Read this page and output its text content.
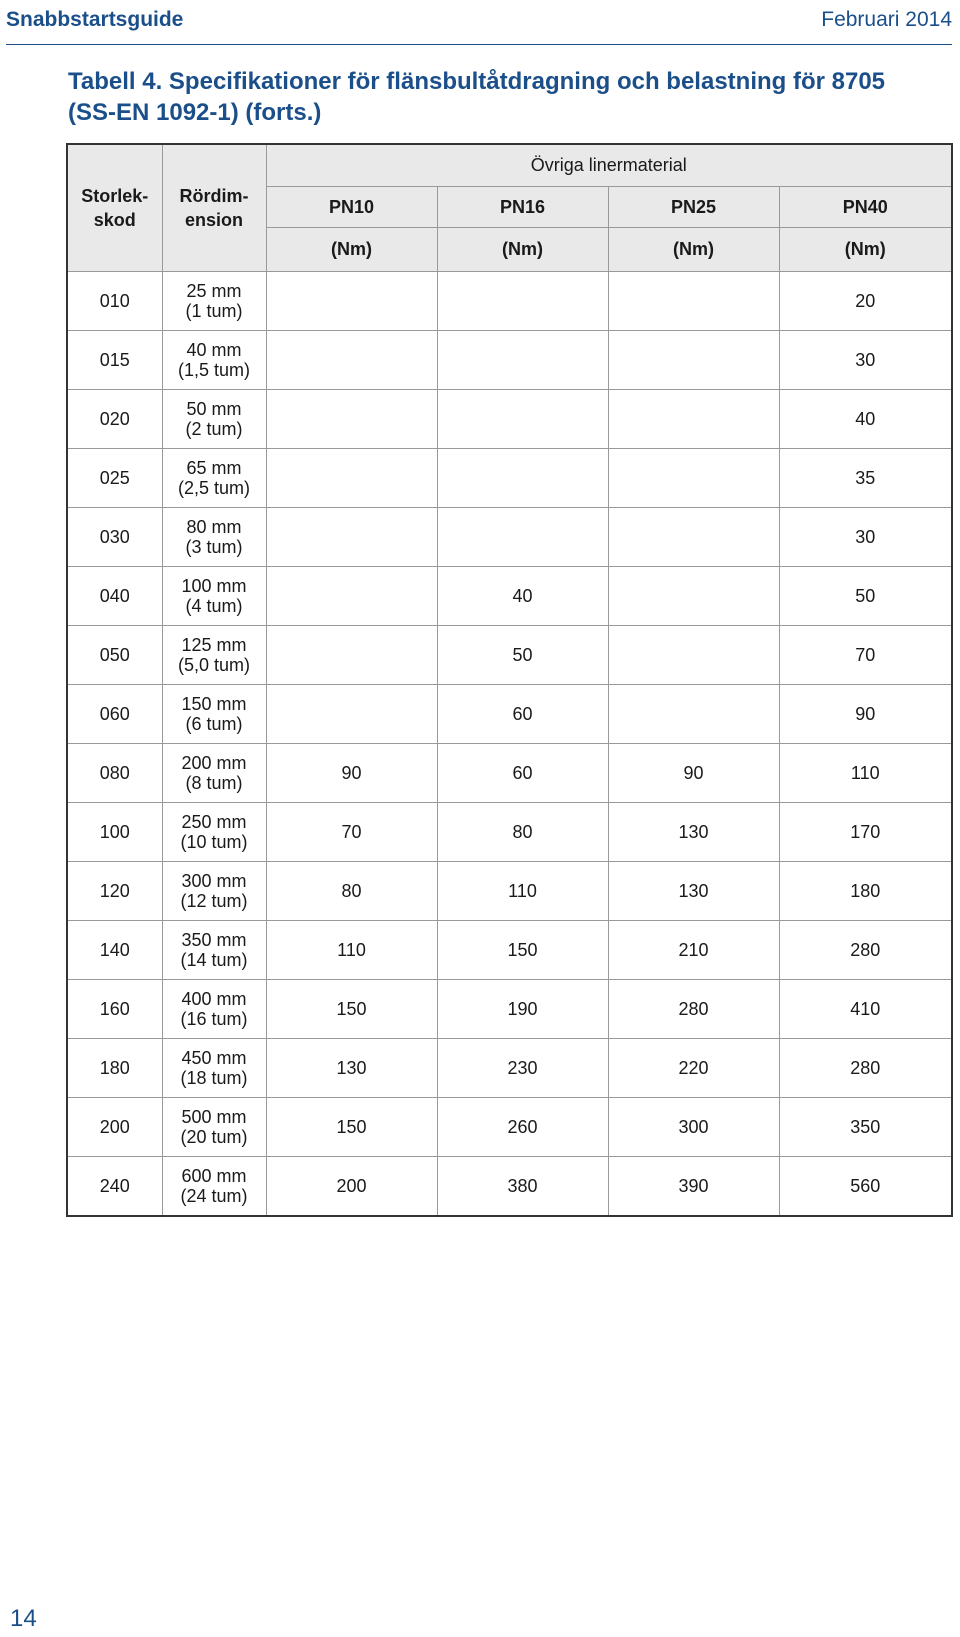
Snabbstartsguide	Februari 2014
Tabell 4. Specifikationer för flänsbultåtdragning och belastning för 8705 (SS-EN 1092-1) (forts.)
Storlek-
skod	Rördim-
ension	Övriga linermaterial			
		PN10	PN16	PN25	PN40
		(Nm)	(Nm)	(Nm)	(Nm)
010	25 mm
(1 tum)				20
015	40 mm
(1,5 tum)				30
020	50 mm
(2 tum)				40
025	65 mm
(2,5 tum)				35
030	80 mm
(3 tum)				30
040	100 mm
(4 tum)		40		50
050	125 mm
(5,0 tum)		50		70
060	150 mm
(6 tum)		60		90
080	200 mm
(8 tum)	90	60	90	110
100	250 mm
(10 tum)	70	80	130	170
120	300 mm
(12 tum)	80	110	130	180
140	350 mm
(14 tum)	110	150	210	280
160	400 mm
(16 tum)	150	190	280	410
180	450 mm
(18 tum)	130	230	220	280
200	500 mm
(20 tum)	150	260	300	350
240	600 mm
(24 tum)	200	380	390	560
14
